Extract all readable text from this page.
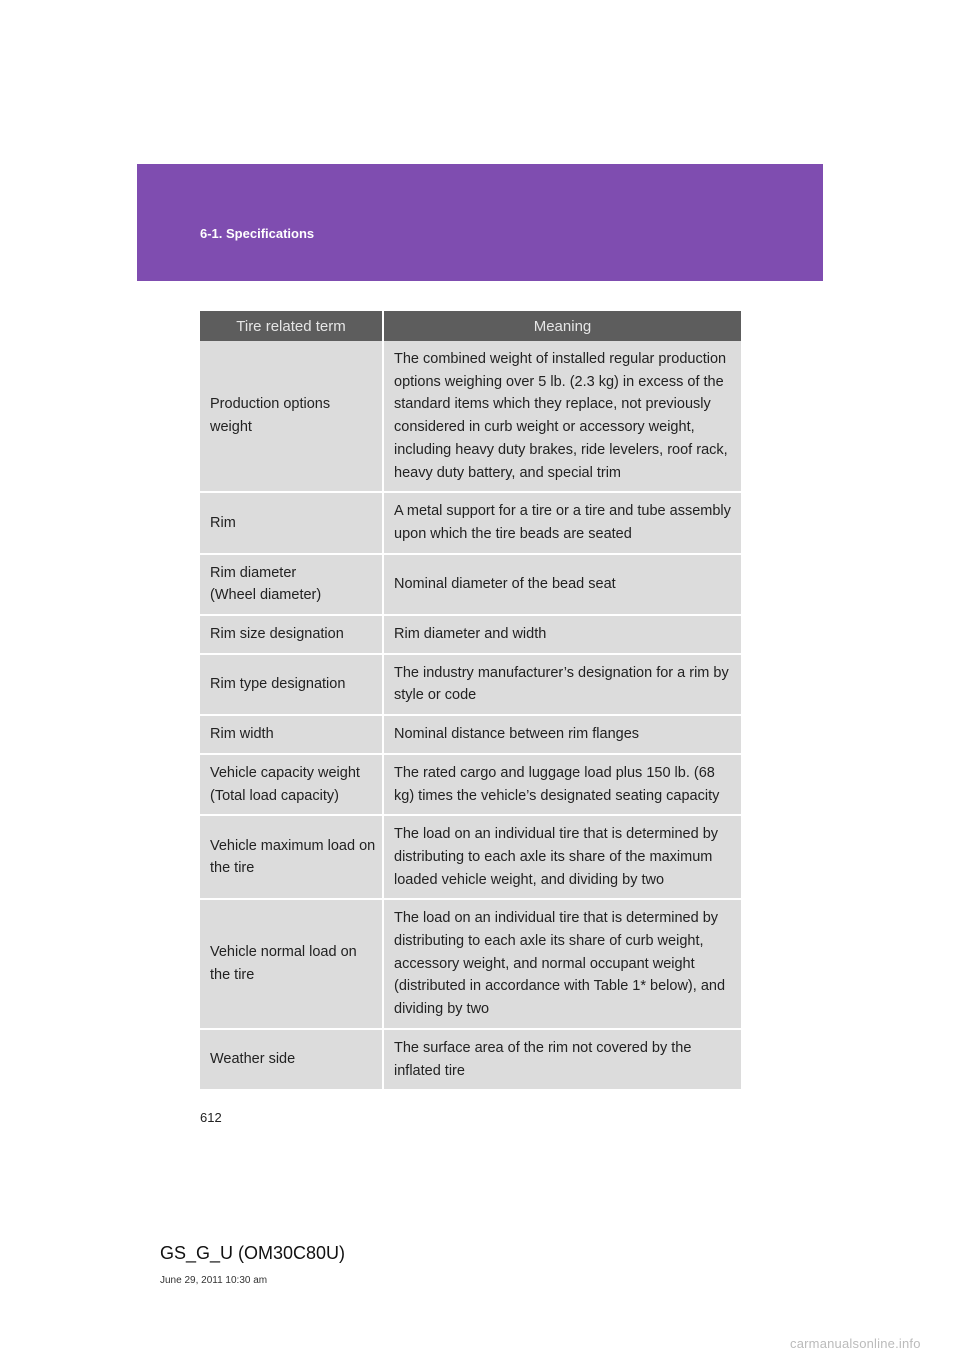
6-1. Specifications
Tire related term	Meaning
Production options weight	The combined weight of installed regular production options weighing over 5 lb. (2.3 kg) in excess of the standard items which they replace, not previously considered in curb weight or accessory weight, including heavy duty brakes, ride levelers, roof rack, heavy duty battery, and special trim
Rim	A metal support for a tire or a tire and tube assembly upon which the tire beads are seated
Rim diameter (Wheel diameter)	Nominal diameter of the bead seat
Rim size designation	Rim diameter and width
Rim type designation	The industry manufacturer’s designation for a rim by style or code
Rim width	Nominal distance between rim flanges
Vehicle capacity weight (Total load capacity)	The rated cargo and luggage load plus 150 lb. (68 kg) times the vehicle’s designated seating capacity
Vehicle maximum load on the tire	The load on an individual tire that is determined by distributing to each axle its share of the maximum loaded vehicle weight, and dividing by two
Vehicle normal load on the tire	The load on an individual tire that is determined by distributing to each axle its share of curb weight, accessory weight, and normal occupant weight (distributed in accordance with Table 1* below), and dividing by two
Weather side	The surface area of the rim not covered by the inflated tire
612
GS_G_U (OM30C80U)
June 29, 2011 10:30 am
carmanualsonline.info
